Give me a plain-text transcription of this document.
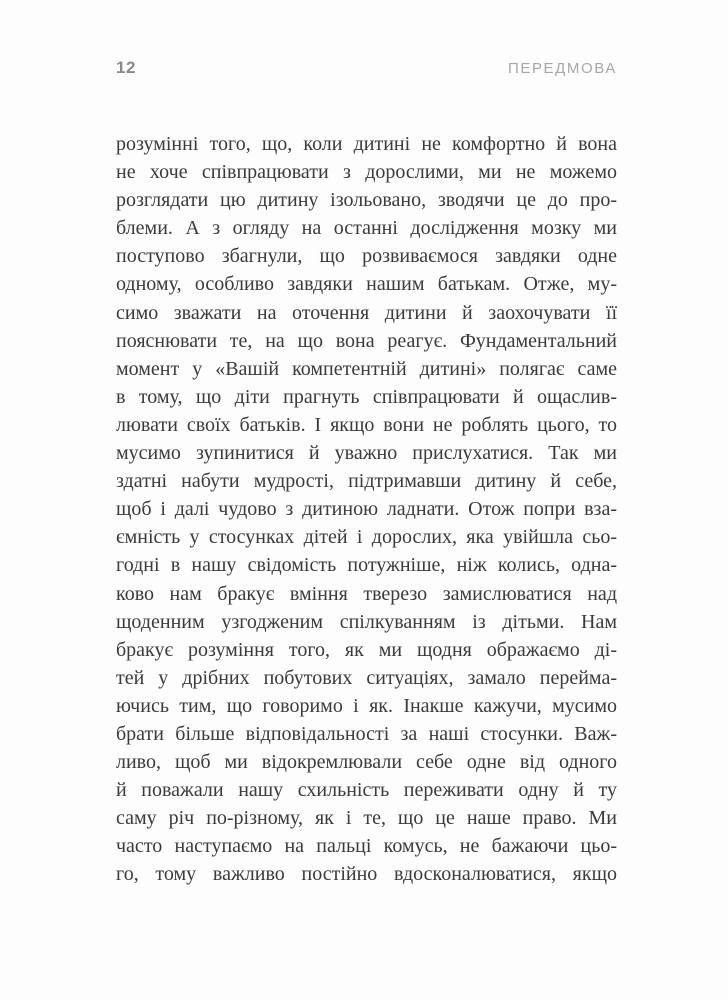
12	ПЕРЕДМОВА
розумінні того, що, коли дитині не комфортно й вона
не хоче співпрацювати з дорослими, ми не можемо
розглядати цю дитину ізольовано, зводячи це до про-
блеми. А з огляду на останні дослідження мозку ми
поступово збагнули, що розвиваємося завдяки одне
одному, особливо завдяки нашим батькам. Отже, му-
симо зважати на оточення дитини й заохочувати її
пояснювати те, на що вона реагує. Фундаментальний
момент у «Вашій компетентній дитині» полягає саме
в тому, що діти прагнуть співпрацювати й ощаслив-
лювати своїх батьків. І якщо вони не роблять цього, то
мусимо зупинитися й уважно прислухатися. Так ми
здатні набути мудрості, підтримавши дитину й себе,
щоб і далі чудово з дитиною ладнати. Отож попри вза-
ємність у стосунках дітей і дорослих, яка увійшла сьо-
годні в нашу свідомість потужніше, ніж колись, одна-
ково нам бракує вміння тверезо замислюватися над
щоденним узгодженим спілкуванням із дітьми. Нам
бракує розуміння того, як ми щодня ображаємо ді-
тей у дрібних побутових ситуаціях, замало перейма-
ючись тим, що говоримо і як. Інакше кажучи, мусимо
брати більше відповідальності за наші стосунки. Важ-
ливо, щоб ми відокремлювали себе одне від одного
й поважали нашу схильність переживати одну й ту
саму річ по-різному, як і те, що це наше право. Ми
часто наступаємо на пальці комусь, не бажаючи цьо-
го, тому важливо постійно вдосконалюватися, якщо
